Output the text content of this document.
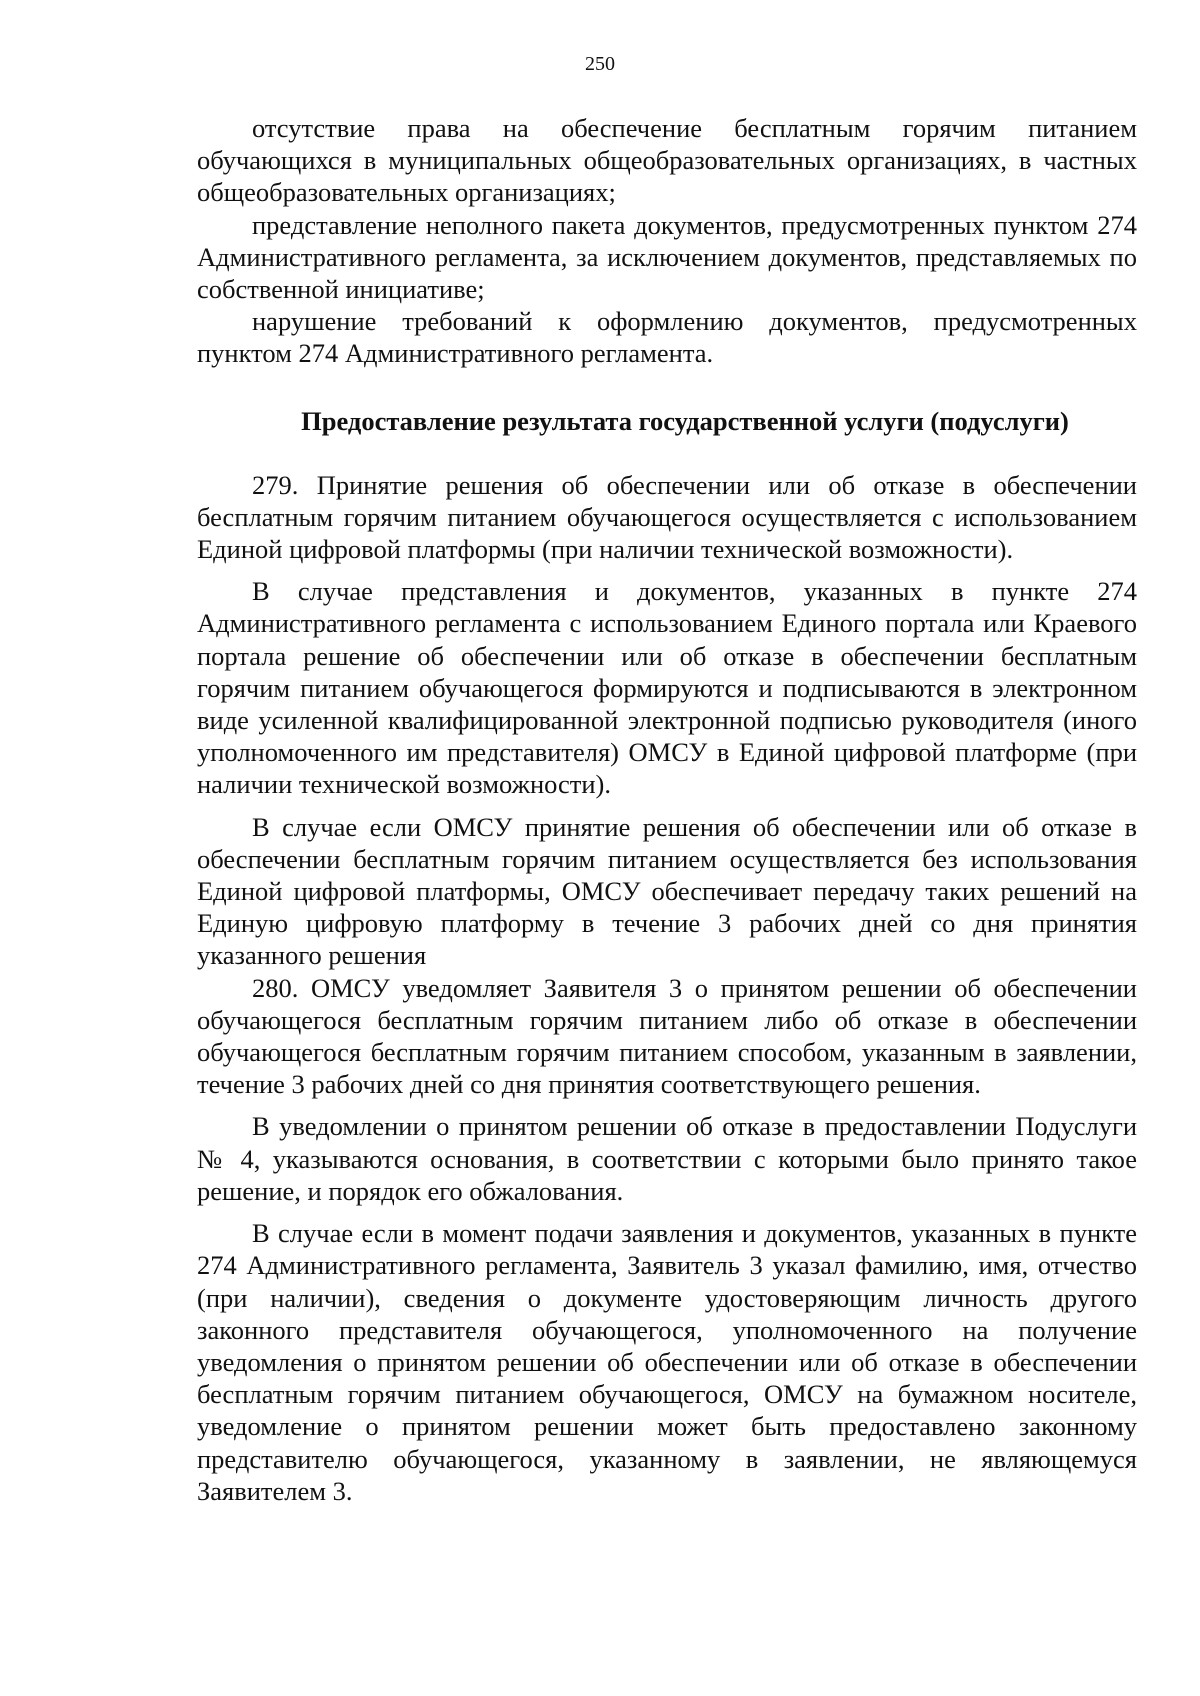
250

отсутствие права на обеспечение бесплатным горячим питанием обучающихся в муниципальных общеобразовательных организациях, в частных общеобразовательных организациях;

представление неполного пакета документов, предусмотренных пунктом 274 Административного регламента, за исключением документов, представляемых по собственной инициативе;

нарушение требований к оформлению документов, предусмотренных пунктом 274 Административного регламента.

Предоставление результата государственной услуги (подуслуги)

279. Принятие решения об обеспечении или об отказе в обеспечении бесплатным горячим питанием обучающегося осуществляется с использованием Единой цифровой платформы (при наличии технической возможности).

В случае представления и документов, указанных в пункте 274 Административного регламента с использованием Единого портала или Краевого портала решение об обеспечении или об отказе в обеспечении бесплатным горячим питанием обучающегося формируются и подписываются в электронном виде усиленной квалифицированной электронной подписью руководителя (иного уполномоченного им представителя) ОМСУ в Единой цифровой платформе (при наличии технической возможности).

В случае если ОМСУ принятие решения об обеспечении или об отказе в обеспечении бесплатным горячим питанием осуществляется без использования Единой цифровой платформы, ОМСУ обеспечивает передачу таких решений на Единую цифровую платформу в течение 3 рабочих дней со дня принятия указанного решения

280. ОМСУ уведомляет Заявителя 3 о принятом решении об обеспечении обучающегося бесплатным горячим питанием либо об отказе в обеспечении обучающегося бесплатным горячим питанием способом, указанным в заявлении, течение 3 рабочих дней со дня принятия соответствующего решения.

В уведомлении о принятом решении об отказе в предоставлении Подуслуги № 4, указываются основания, в соответствии с которыми было принято такое решение, и порядок его обжалования.

В случае если в момент подачи заявления и документов, указанных в пункте 274 Административного регламента, Заявитель 3 указал фамилию, имя, отчество (при наличии), сведения о документе удостоверяющим личность другого законного представителя обучающегося, уполномоченного на получение уведомления о принятом решении об обеспечении или об отказе в обеспечении бесплатным горячим питанием обучающегося, ОМСУ на бумажном носителе, уведомление о принятом решении может быть предоставлено законному представителю обучающегося, указанному в заявлении, не являющемуся Заявителем 3.
